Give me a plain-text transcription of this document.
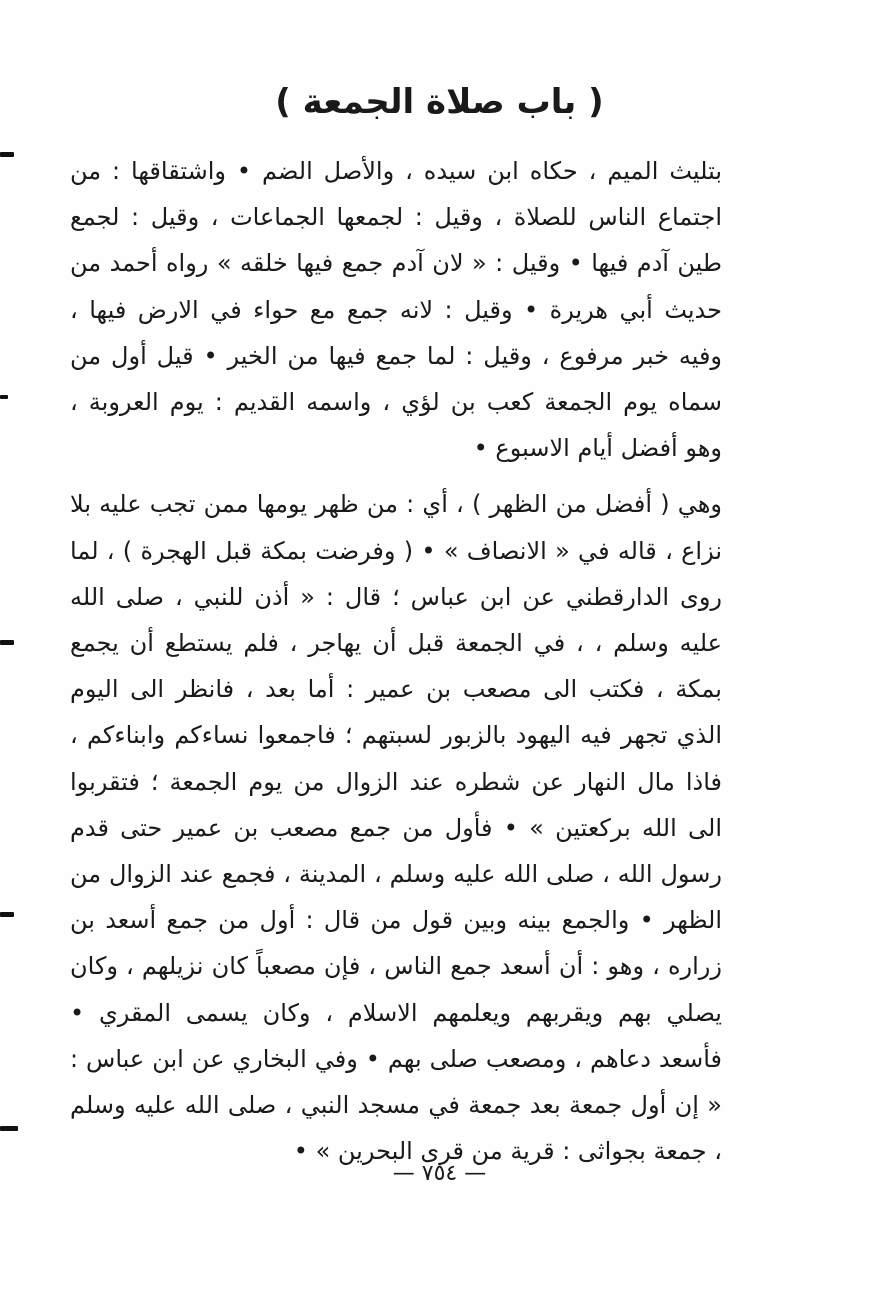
( باب صلاة الجمعة )

بتليث الميم ، حكاه ابن سيده ، والأصل الضم • واشتقاقها : من اجتماع الناس للصلاة ، وقيل : لجمعها الجماعات ، وقيل : لجمع طين آدم فيها • وقيل : « لان آدم جمع فيها خلقه » رواه أحمد من حديث أبي هريرة • وقيل : لانه جمع مع حواء في الارض فيها ، وفيه خبر مرفوع ، وقيل : لما جمع فيها من الخير • قيل أول من سماه يوم الجمعة كعب بن لؤي ، واسمه القديم : يوم العروبة ، وهو أفضل أيام الاسبوع •

وهي ( أفضل من الظهر ) ، أي : من ظهر يومها ممن تجب عليه بلا نزاع ، قاله في « الانصاف » • ( وفرضت بمكة قبل الهجرة ) ، لما روى الدارقطني عن ابن عباس ؛ قال : « أذن للنبي ، صلى الله عليه وسلم ، ، في الجمعة قبل أن يهاجر ، فلم يستطع أن يجمع بمكة ، فكتب الى مصعب بن عمير : أما بعد ، فانظر الى اليوم الذي تجهر فيه اليهود بالزبور لسبتهم ؛ فاجمعوا نساءكم وابناءكم ، فاذا مال النهار عن شطره عند الزوال من يوم الجمعة ؛ فتقربوا الى الله بركعتين » • فأول من جمع مصعب بن عمير حتى قدم رسول الله ، صلى الله عليه وسلم ، المدينة ، فجمع عند الزوال من الظهر • والجمع بينه وبين قول من قال : أول من جمع أسعد بن زراره ، وهو : أن أسعد جمع الناس ، فإن مصعباً كان نزيلهم ، وكان يصلي بهم ويقربهم ويعلمهم الاسلام ، وكان يسمى المقري • فأسعد دعاهم ، ومصعب صلى بهم • وفي البخاري عن ابن عباس : « إن أول جمعة بعد جمعة في مسجد النبي ، صلى الله عليه وسلم ، جمعة بجواثى : قرية من قرى البحرين » •

— ٧٥٤ —
